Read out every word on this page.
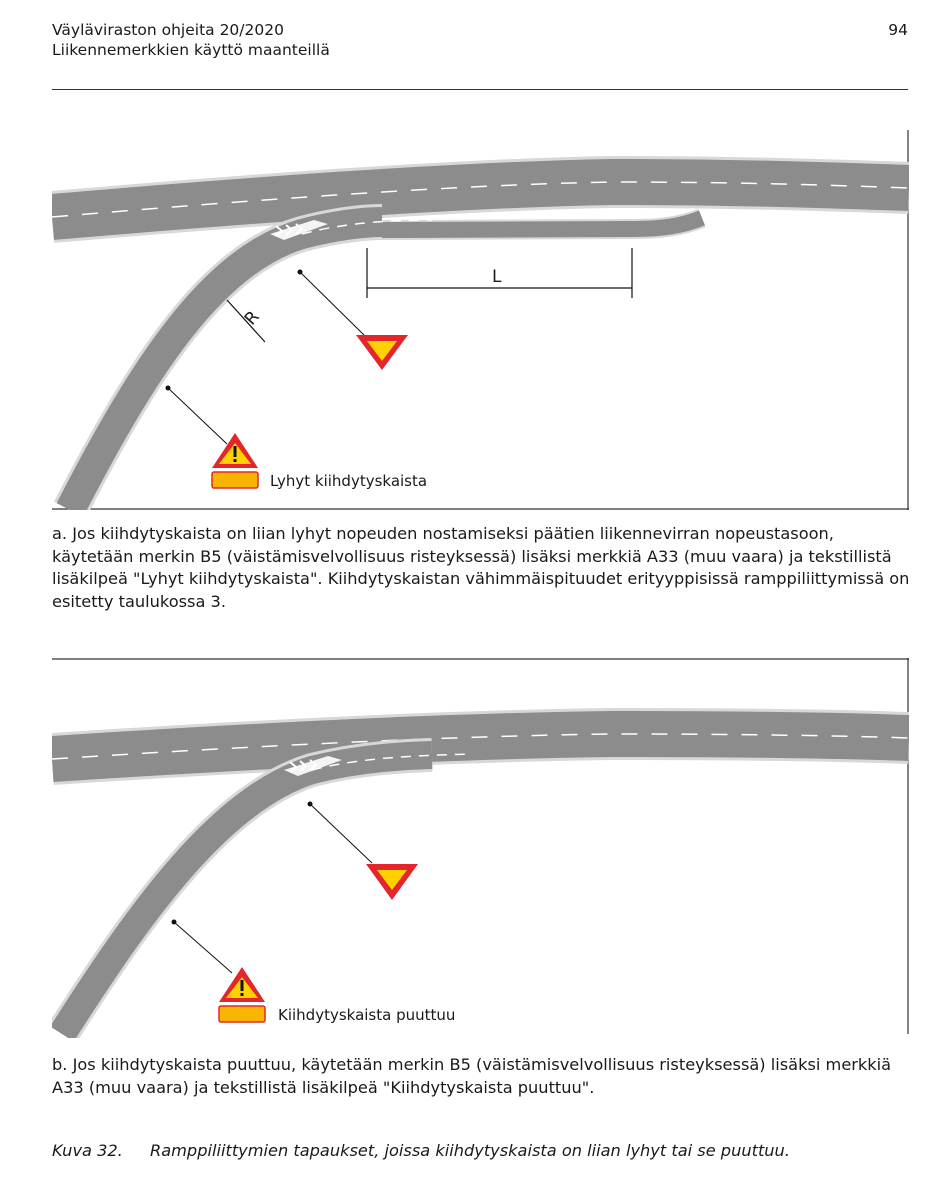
Väyläviraston ohjeita 20/2020
Liikennemerkkien käyttö maanteillä
94
R
L
Lyhyt kiihdytyskaista
a. Jos kiihdytyskaista on liian lyhyt nopeuden nostamiseksi päätien liikennevirran nopeustasoon, käytetään merkin B5 (väistämisvelvollisuus risteyksessä) lisäksi merkkiä A33 (muu vaara) ja tekstillistä lisäkilpeä "Lyhyt kiihdytyskaista". Kiihdytyskaistan vähimmäispituudet erityyppisissä ramppiliittymissä on esitetty taulukossa 3.
Kiihdytyskaista puuttuu
b. Jos kiihdytyskaista puuttuu, käytetään merkin B5 (väistämisvelvollisuus risteyksessä) lisäksi merkkiä A33 (muu vaara) ja tekstillistä lisäkilpeä "Kiihdytyskaista puuttuu".
Kuva 32. Ramppiliittymien tapaukset, joissa kiihdytyskaista on liian lyhyt tai se puuttuu.
